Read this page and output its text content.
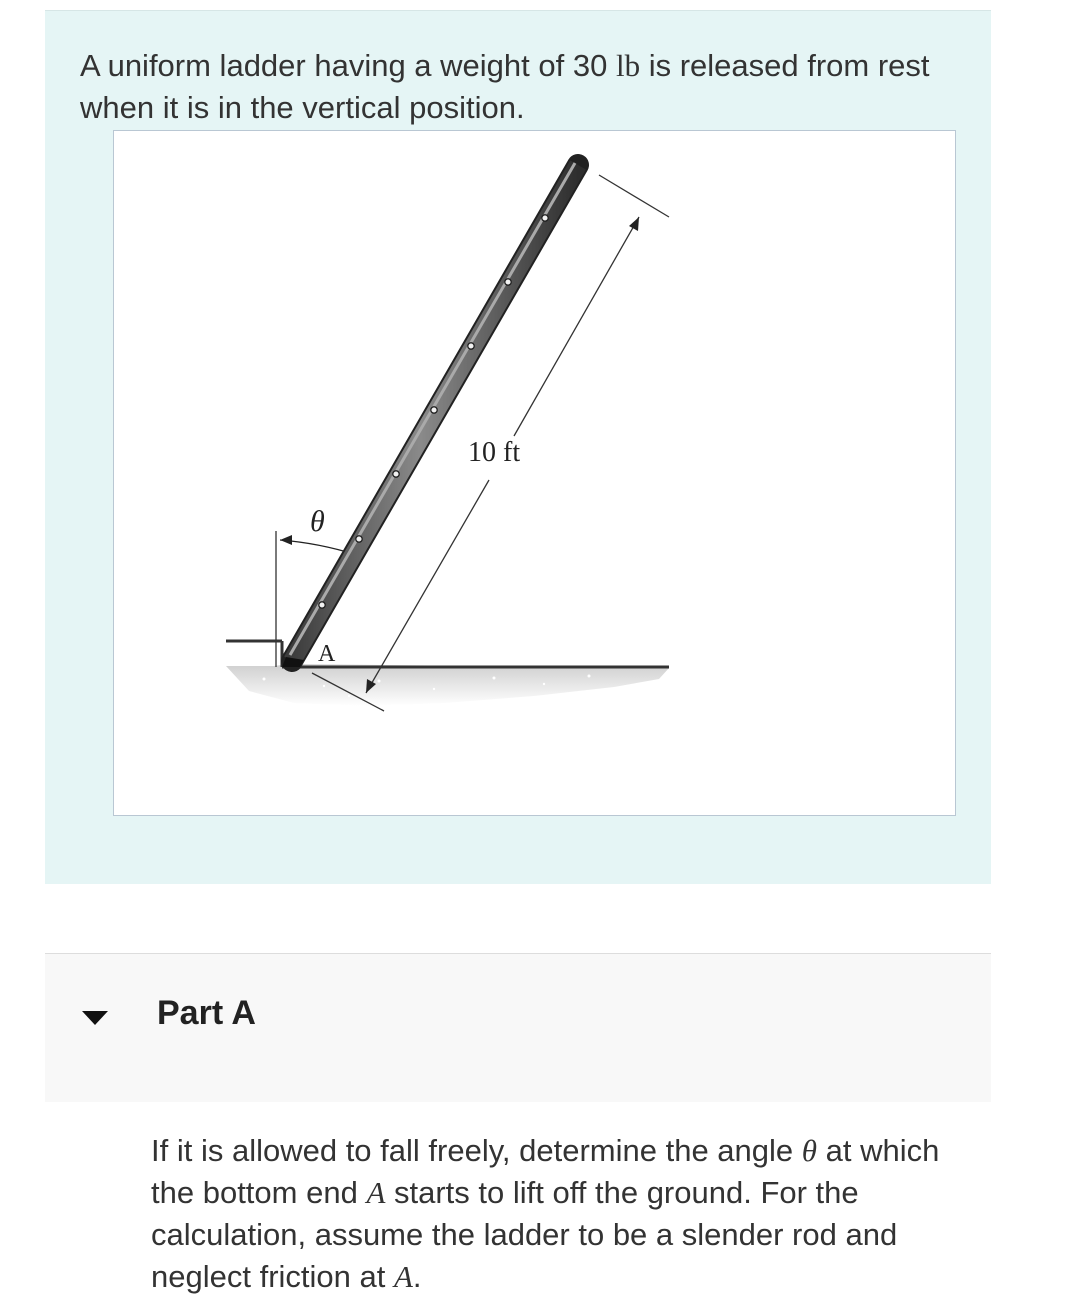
A uniform ladder having a weight of 30 lb is released from rest when it is in the vertical position.
10 ft
θ
A
Part A
If it is allowed to fall freely, determine the angle θ at which the bottom end A starts to lift off the ground. For the calculation, assume the ladder to be a slender rod and neglect friction at A.
